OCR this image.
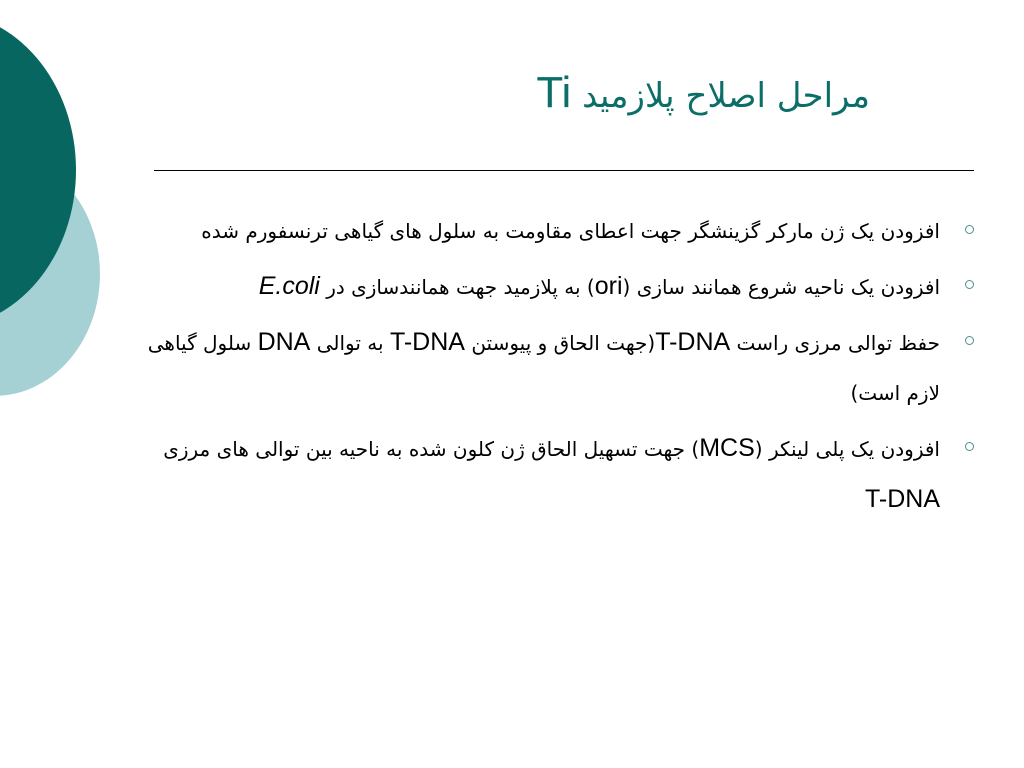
مراحل اصلاح پلازمید Ti
افزودن یک ژن مارکر گزینشگر جهت اعطای مقاومت به سلول های گیاهی ترنسفورم شده
افزودن یک ناحیه شروع همانند سازی (ori) به پلازمید جهت همانندسازی در E.coli
حفظ توالی مرزی راست T-DNA(جهت الحاق و پیوستن T-DNA به توالی DNA سلول گیاهی لازم است)
افزودن یک پلی لینکر (MCS) جهت تسهیل الحاق ژن کلون شده به ناحیه بین توالی های مرزی T-DNA
